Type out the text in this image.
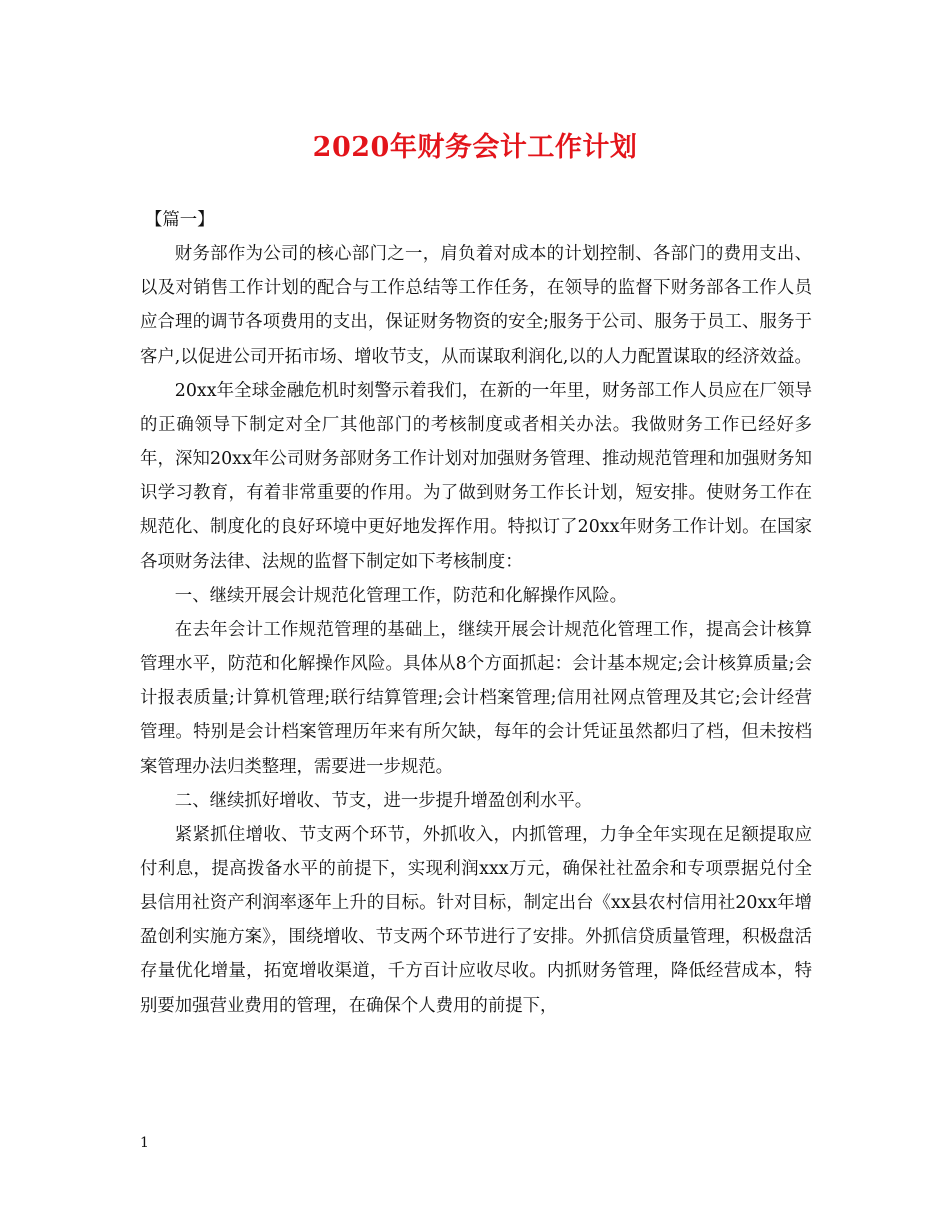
2020年财务会计工作计划

【篇一】

财务部作为公司的核心部门之一，肩负着对成本的计划控制、各部门的费用支出、以及对销售工作计划的配合与工作总结等工作任务，在领导的监督下财务部各工作人员应合理的调节各项费用的支出，保证财务物资的安全;服务于公司、服务于员工、服务于客户,以促进公司开拓市场、增收节支，从而谋取利润化,以的人力配置谋取的经济效益。

20xx年全球金融危机时刻警示着我们，在新的一年里，财务部工作人员应在厂领导的正确领导下制定对全厂其他部门的考核制度或者相关办法。我做财务工作已经好多年，深知20xx年公司财务部财务工作计划对加强财务管理、推动规范管理和加强财务知识学习教育，有着非常重要的作用。为了做到财务工作长计划，短安排。使财务工作在规范化、制度化的良好环境中更好地发挥作用。特拟订了20xx年财务工作计划。在国家各项财务法律、法规的监督下制定如下考核制度：

一、继续开展会计规范化管理工作，防范和化解操作风险。

在去年会计工作规范管理的基础上，继续开展会计规范化管理工作，提高会计核算管理水平，防范和化解操作风险。具体从8个方面抓起：会计基本规定;会计核算质量;会计报表质量;计算机管理;联行结算管理;会计档案管理;信用社网点管理及其它;会计经营管理。特别是会计档案管理历年来有所欠缺，每年的会计凭证虽然都归了档，但未按档案管理办法归类整理，需要进一步规范。

二、继续抓好增收、节支，进一步提升增盈创利水平。

紧紧抓住增收、节支两个环节，外抓收入，内抓管理，力争全年实现在足额提取应付利息，提高拨备水平的前提下，实现利润xxx万元，确保社社盈余和专项票据兑付全县信用社资产利润率逐年上升的目标。针对目标，制定出台《xx县农村信用社20xx年增盈创利实施方案》，围绕增收、节支两个环节进行了安排。外抓信贷质量管理，积极盘活存量优化增量，拓宽增收渠道，千方百计应收尽收。内抓财务管理，降低经营成本，特别要加强营业费用的管理，在确保个人费用的前提下，

1
